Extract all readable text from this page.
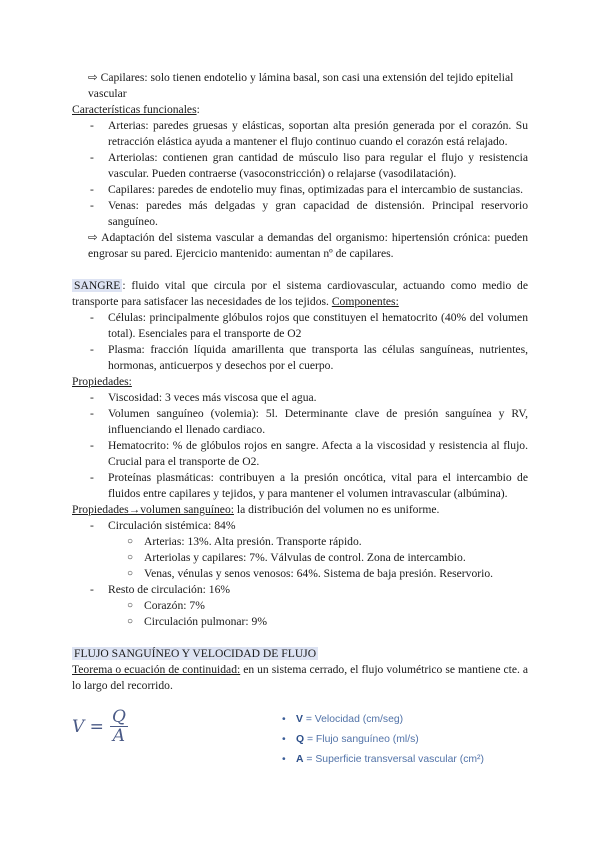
⇨ Capilares: solo tienen endotelio y lámina basal, son casi una extensión del tejido epitelial vascular

Características funcionales:

- Arterias: paredes gruesas y elásticas, soportan alta presión generada por el corazón. Su retracción elástica ayuda a mantener el flujo continuo cuando el corazón está relajado.
- Arteriolas: contienen gran cantidad de músculo liso para regular el flujo y resistencia vascular. Pueden contraerse (vasoconstricción) o relajarse (vasodilatación).
- Capilares: paredes de endotelio muy finas, optimizadas para el intercambio de sustancias.
- Venas: paredes más delgadas y gran capacidad de distensión. Principal reservorio sanguíneo.

⇨ Adaptación del sistema vascular a demandas del organismo: hipertensión crónica: pueden engrosar su pared. Ejercicio mantenido: aumentan nº de capilares.

SANGRE : fluido vital que circula por el sistema cardiovascular, actuando como medio de transporte para satisfacer las necesidades de los tejidos. Componentes:

- Células: principalmente glóbulos rojos que constituyen el hematocrito (40% del volumen total). Esenciales para el transporte de O2
- Plasma: fracción líquida amarillenta que transporta las células sanguíneas, nutrientes, hormonas, anticuerpos y desechos por el cuerpo.

Propiedades:

- Viscosidad: 3 veces más viscosa que el agua.
- Volumen sanguíneo (volemia): 5l. Determinante clave de presión sanguínea y RV, influenciando el llenado cardiaco.
- Hematocrito: % de glóbulos rojos en sangre. Afecta a la viscosidad y resistencia al flujo. Crucial para el transporte de O2.
- Proteínas plasmáticas: contribuyen a la presión oncótica, vital para el intercambio de fluidos entre capilares y tejidos, y para mantener el volumen intravascular (albúmina).

Propiedades→volumen sanguíneo: la distribución del volumen no es uniforme.

- Circulación sistémica: 84%
○ Arterias: 13%. Alta presión. Transporte rápido.
○ Arteriolas y capilares: 7%. Válvulas de control. Zona de intercambio.
○ Venas, vénulas y senos venosos: 64%. Sistema de baja presión. Reservorio.
- Resto de circulación: 16%
○ Corazón: 7%
○ Circulación pulmonar: 9%

FLUJO SANGUÍNEO Y VELOCIDAD DE FLUJO

Teorema o ecuación de continuidad: en un sistema cerrado, el flujo volumétrico se mantiene cte. a lo largo del recorrido.

$V = \frac{Q}{A}$
•	V = Velocidad (cm/seg)
• Q = Flujo sanguíneo (ml/s)
• A = Superficie transversal vascular (cm²)
